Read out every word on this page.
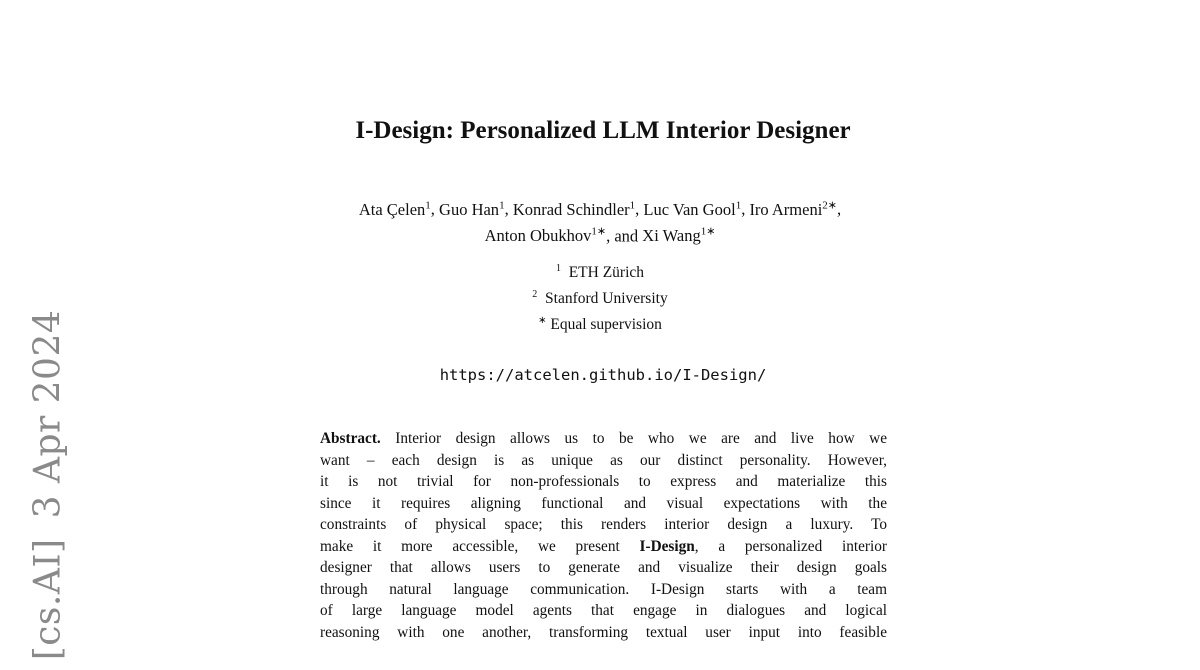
[cs.AI]3 Apr 2024
I-Design: Personalized LLM Interior Designer
Ata Çelen$^1$, Guo Han$^1$, Konrad Schindler$^1$, Luc Van Gool$^1$, Iro Armeni$^{2∗}$,
Anton Obukhov$^{1∗}$, and Xi Wang$^{1∗}$
$^1$ ETH Zürich
$^2$ Stanford University
∗ Equal supervision
https://atcelen.github.io/I-Design/
Abstract. Interior design allows us to be who we are and live how we
want – each design is as unique as our distinct personality. However,
it is not trivial for non-professionals to express and materialize this
since it requires aligning functional and visual expectations with the
constraints of physical space; this renders interior design a luxury. To
make it more accessible, we present I-Design, a personalized interior
designer that allows users to generate and visualize their design goals
through natural language communication. I-Design starts with a team
of large language model agents that engage in dialogues and logical
reasoning with one another, transforming textual user input into feasible
